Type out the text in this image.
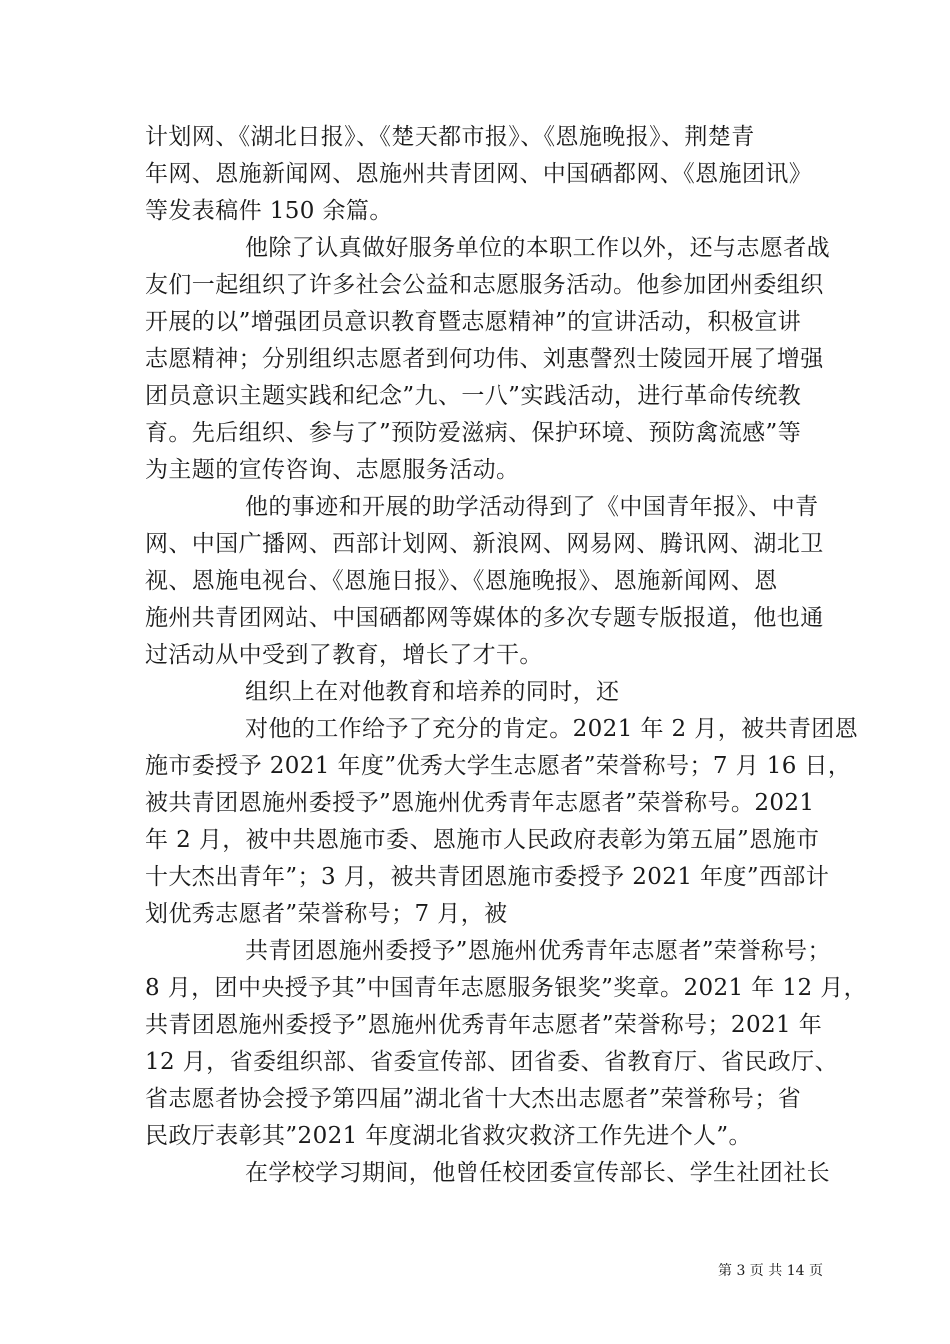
计划网、《湖北日报》、《楚天都市报》、《恩施晚报》、荆楚青
年网、恩施新闻网、恩施州共青团网、中国硒都网、《恩施团讯》
等发表稿件 150 余篇。
他除了认真做好服务单位的本职工作以外，还与志愿者战
友们一起组织了许多社会公益和志愿服务活动。他参加团州委组织
开展的以”增强团员意识教育暨志愿精神”的宣讲活动，积极宣讲
志愿精神；分别组织志愿者到何功伟、刘惠謦烈士陵园开展了增强
团员意识主题实践和纪念”九、一八”实践活动，进行革命传统教
育。先后组织、参与了”预防爱滋病、保护环境、预防禽流感”等
为主题的宣传咨询、志愿服务活动。
他的事迹和开展的助学活动得到了《中国青年报》、中青
网、中国广播网、西部计划网、新浪网、网易网、腾讯网、湖北卫
视、恩施电视台、《恩施日报》、《恩施晚报》、恩施新闻网、恩
施州共青团网站、中国硒都网等媒体的多次专题专版报道，他也通
过活动从中受到了教育，增长了才干。
组织上在对他教育和培养的同时，还
对他的工作给予了充分的肯定。2021 年 2 月，被共青团恩
施市委授予 2021 年度”优秀大学生志愿者”荣誉称号；7 月 16 日，
被共青团恩施州委授予”恩施州优秀青年志愿者”荣誉称号。2021
年 2 月，被中共恩施市委、恩施市人民政府表彰为第五届”恩施市
十大杰出青年”；3 月，被共青团恩施市委授予 2021 年度”西部计
划优秀志愿者”荣誉称号；7 月，被
共青团恩施州委授予”恩施州优秀青年志愿者”荣誉称号；
8 月，团中央授予其”中国青年志愿服务银奖”奖章。2021 年 12 月，
共青团恩施州委授予”恩施州优秀青年志愿者”荣誉称号；2021 年
12 月，省委组织部、省委宣传部、团省委、省教育厅、省民政厅、
省志愿者协会授予第四届”湖北省十大杰出志愿者”荣誉称号；省
民政厅表彰其”2021 年度湖北省救灾救济工作先进个人”。
在学校学习期间，他曾任校团委宣传部长、学生社团社长
第 3 页 共 14 页
